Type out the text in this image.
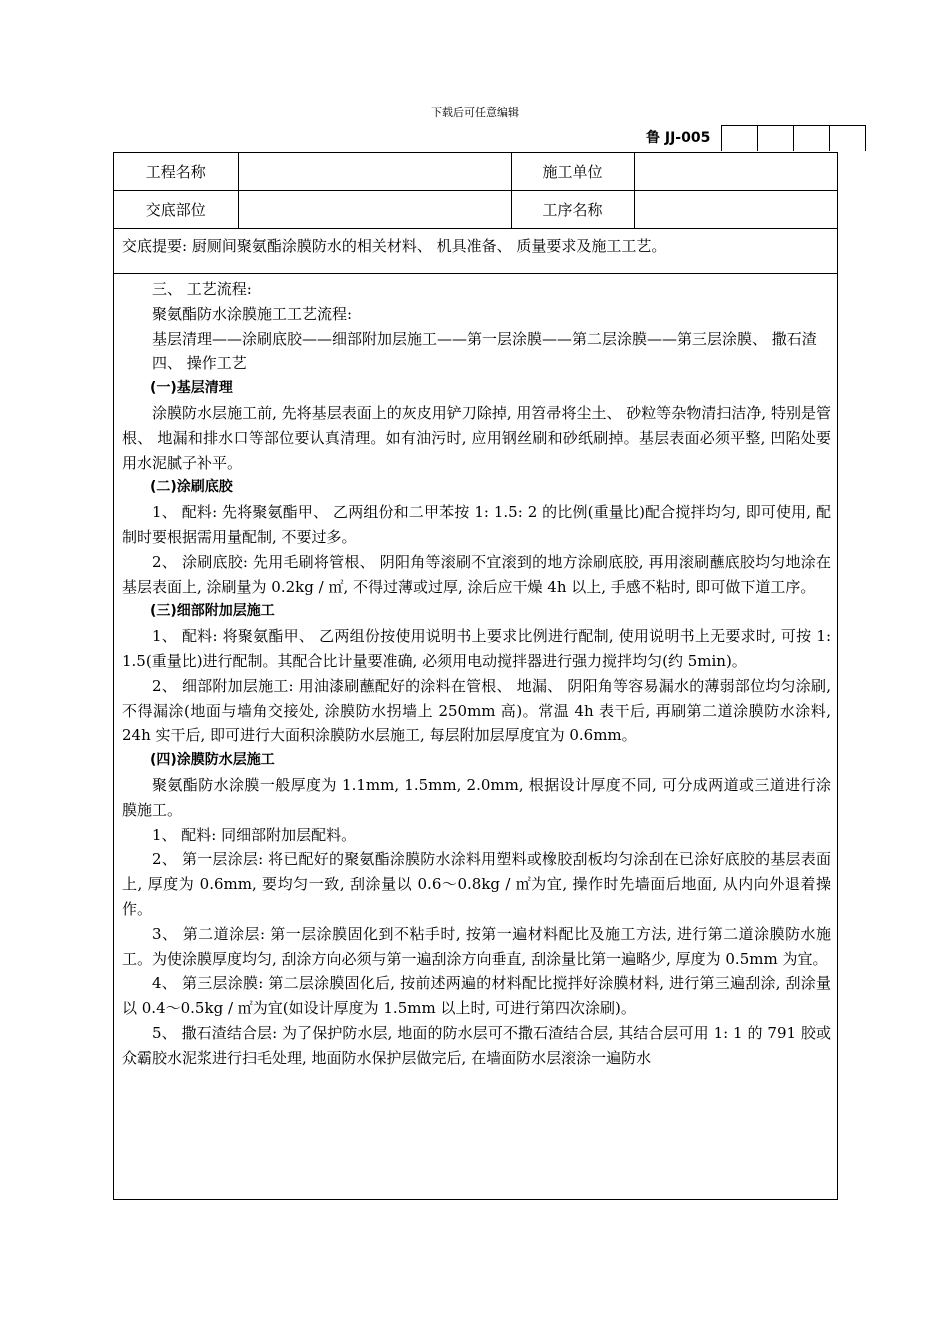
下载后可任意编辑
鲁 JJ-005
工程名称		施工单位	
交底部位		工序名称	
交底提要: 厨厕间聚氨酯涂膜防水的相关材料、 机具准备、 质量要求及施工工艺。

三、 工艺流程:

聚氨酯防水涂膜施工工艺流程:

基层清理——涂刷底胶——细部附加层施工——第一层涂膜——第二层涂膜——第三层涂膜、 撒石渣

四、 操作工艺

(一)基层清理

涂膜防水层施工前, 先将基层表面上的灰皮用铲刀除掉, 用笤帚将尘土、 砂粒等杂物清扫洁净, 特别是管根、 地漏和排水口等部位要认真清理。如有油污时, 应用钢丝刷和砂纸刷掉。基层表面必须平整, 凹陷处要用水泥腻子补平。

(二)涂刷底胶

1、 配料: 先将聚氨酯甲、 乙两组份和二甲苯按 1: 1.5: 2 的比例(重量比)配合搅拌均匀, 即可使用, 配制时要根据需用量配制, 不要过多。

2、 涂刷底胶: 先用毛刷将管根、 阴阳角等滚刷不宜滚到的地方涂刷底胶, 再用滚刷蘸底胶均匀地涂在基层表面上, 涂刷量为 0.2kg / ㎡, 不得过薄或过厚, 涂后应干燥 4h 以上, 手感不粘时, 即可做下道工序。

(三)细部附加层施工

1、 配料: 将聚氨酯甲、 乙两组份按使用说明书上要求比例进行配制, 使用说明书上无要求时, 可按 1: 1.5(重量比)进行配制。其配合比计量要准确, 必须用电动搅拌器进行强力搅拌均匀(约 5min)。

2、 细部附加层施工: 用油漆刷蘸配好的涂料在管根、 地漏、 阴阳角等容易漏水的薄弱部位均匀涂刷, 不得漏涂(地面与墙角交接处, 涂膜防水拐墙上 250mm 高)。常温 4h 表干后, 再刷第二道涂膜防水涂料, 24h 实干后, 即可进行大面积涂膜防水层施工, 每层附加层厚度宜为 0.6mm。

(四)涂膜防水层施工

聚氨酯防水涂膜一般厚度为 1.1mm, 1.5mm, 2.0mm, 根据设计厚度不同, 可分成两道或三道进行涂膜施工。

1、 配料: 同细部附加层配料。

2、 第一层涂层: 将已配好的聚氨酯涂膜防水涂料用塑料或橡胶刮板均匀涂刮在已涂好底胶的基层表面上, 厚度为 0.6mm, 要均匀一致, 刮涂量以 0.6～0.8kg / ㎡为宜, 操作时先墙面后地面, 从内向外退着操作。

3、 第二道涂层: 第一层涂膜固化到不粘手时, 按第一遍材料配比及施工方法, 进行第二道涂膜防水施工。为使涂膜厚度均匀, 刮涂方向必须与第一遍刮涂方向垂直, 刮涂量比第一遍略少, 厚度为 0.5mm 为宜。

4、 第三层涂膜: 第二层涂膜固化后, 按前述两遍的材料配比搅拌好涂膜材料, 进行第三遍刮涂, 刮涂量以 0.4～0.5kg / ㎡为宜(如设计厚度为 1.5mm 以上时, 可进行第四次涂刷)。

5、 撒石渣结合层: 为了保护防水层, 地面的防水层可不撒石渣结合层, 其结合层可用 1: 1 的 791 胶或众霸胶水泥浆进行扫毛处理, 地面防水保护层做完后, 在墙面防水层滚涂一遍防水
